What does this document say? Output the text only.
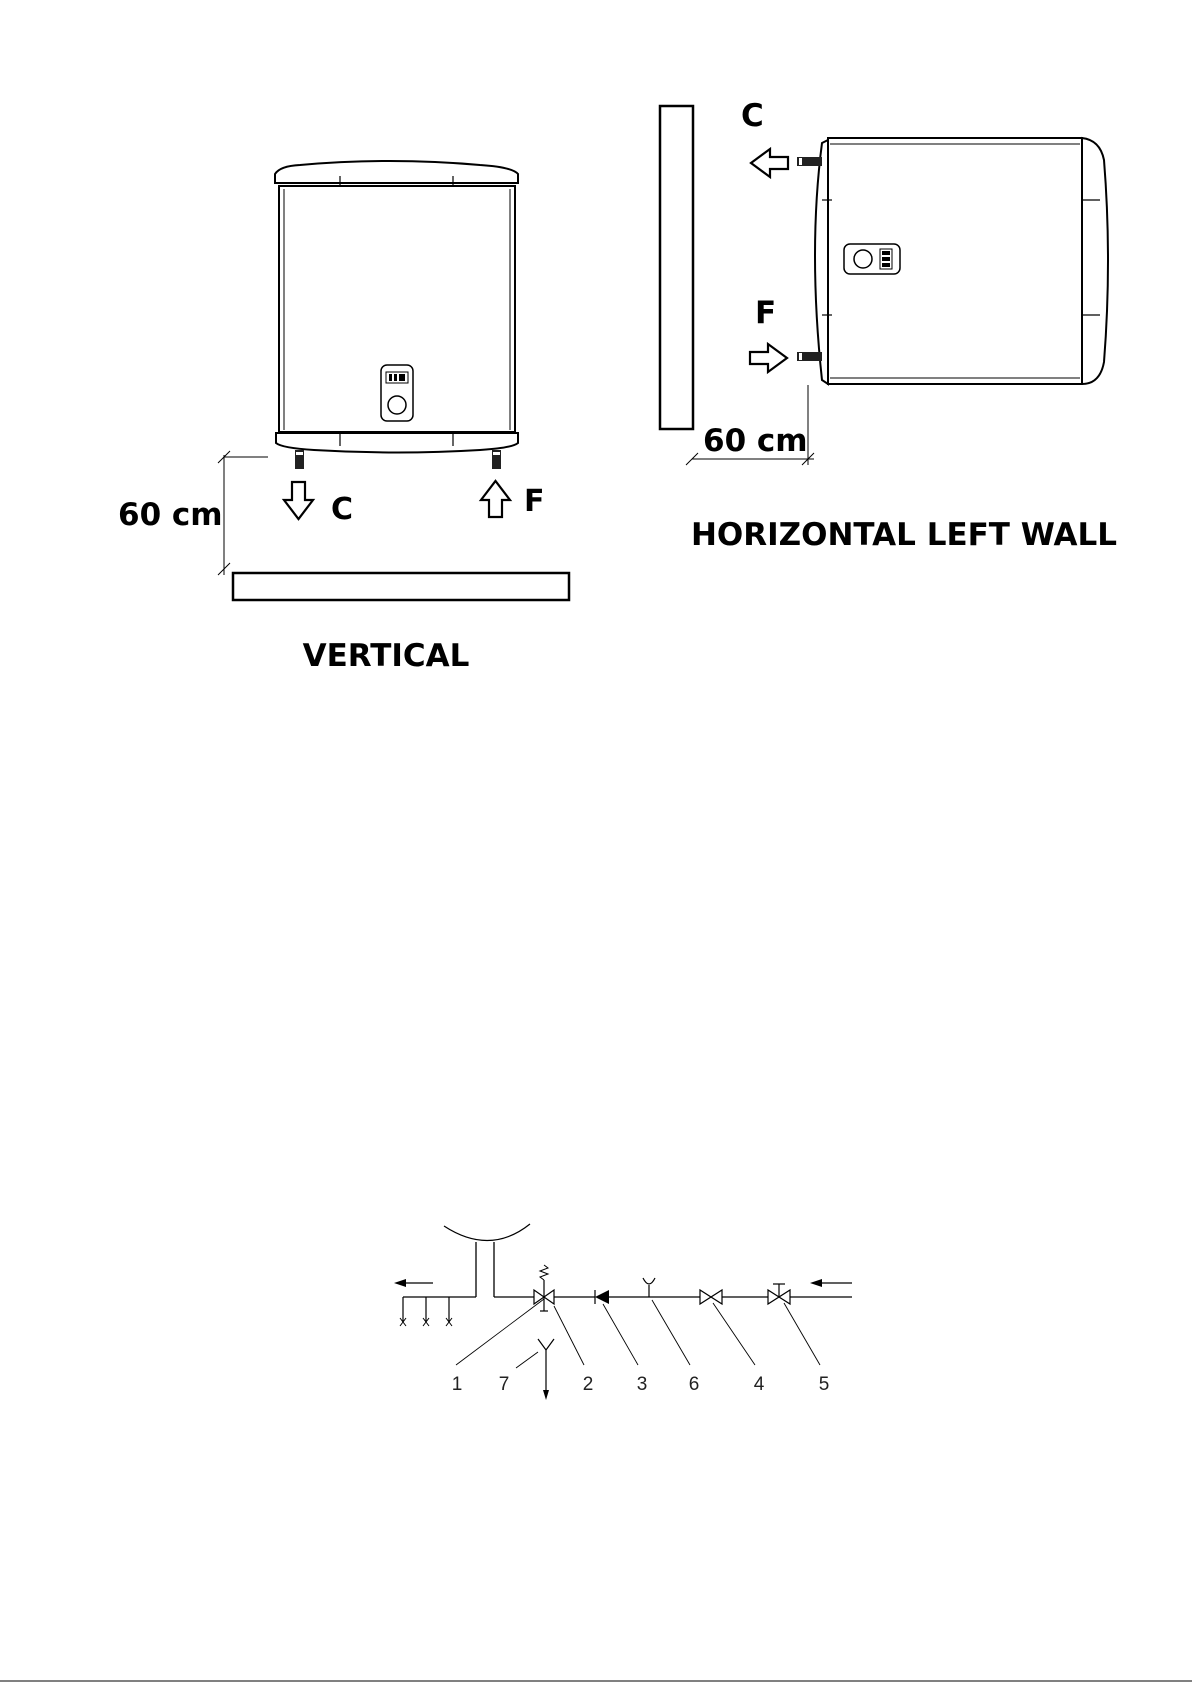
C	F
60 cm
VERTICAL
C
F
60 cm
HORIZONTAL LEFT WALL
1 7	2 3 6	4	5
